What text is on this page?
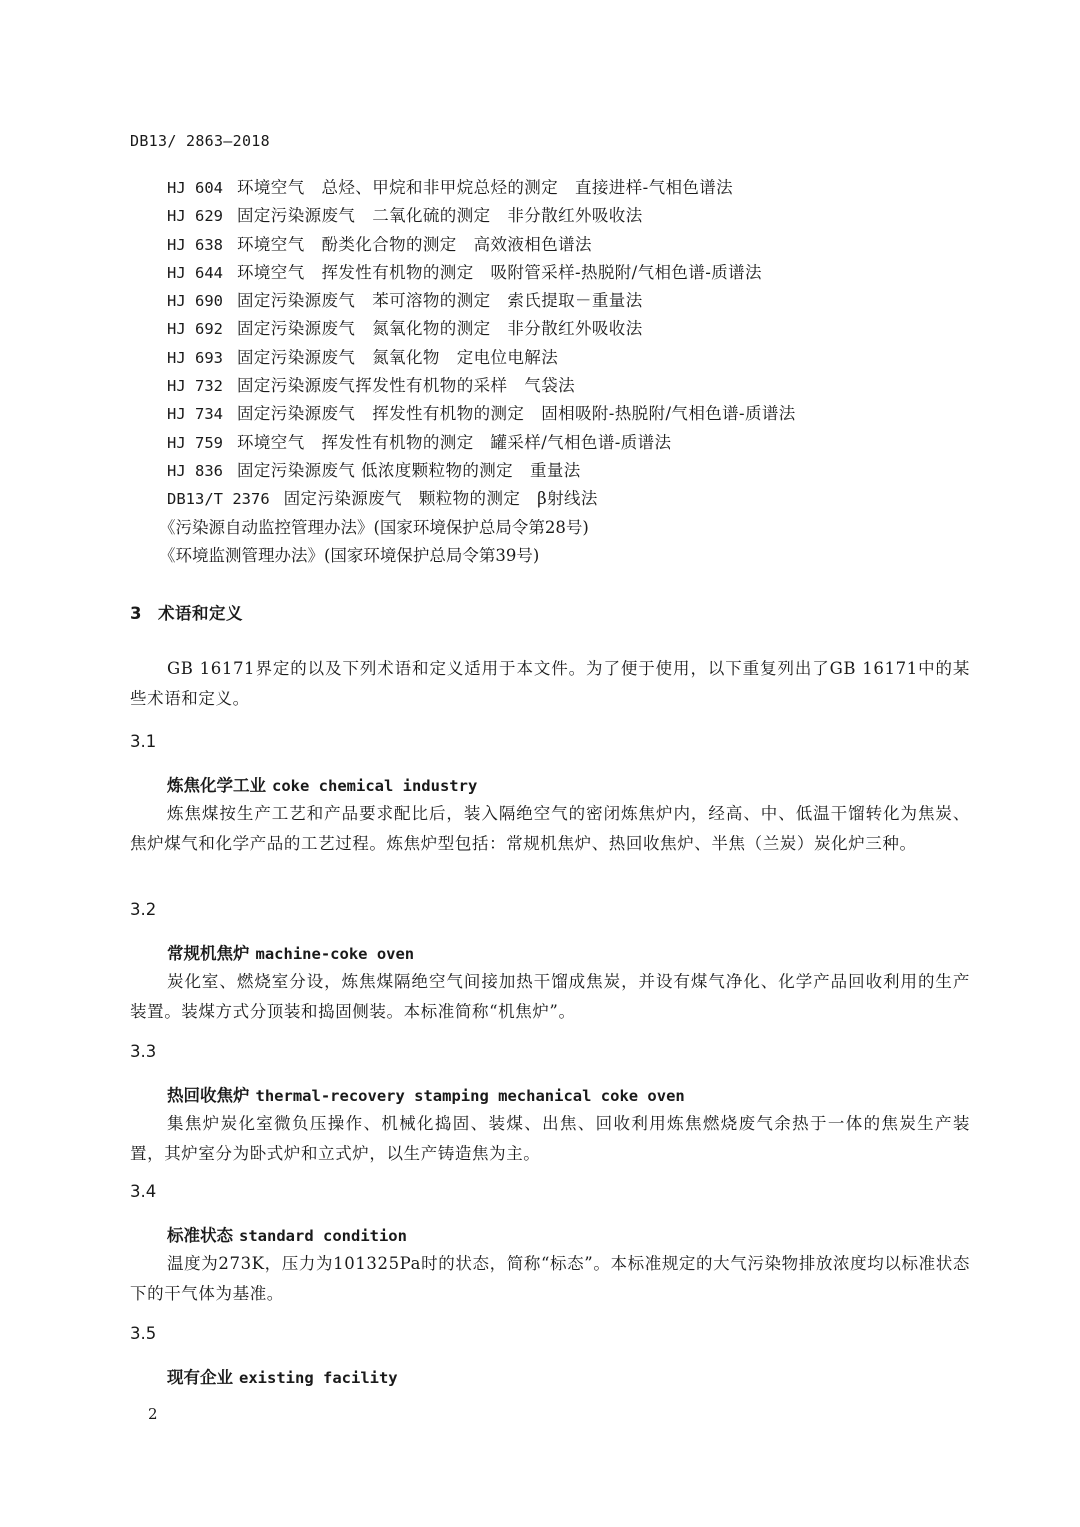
DB13/ 2863—2018
HJ 604 环境空气　总烃、甲烷和非甲烷总烃的测定　直接进样-气相色谱法
HJ 629 固定污染源废气　二氧化硫的测定　非分散红外吸收法
HJ 638 环境空气　酚类化合物的测定　高效液相色谱法
HJ 644 环境空气　挥发性有机物的测定　吸附管采样-热脱附/气相色谱-质谱法
HJ 690 固定污染源废气　苯可溶物的测定　索氏提取－重量法
HJ 692 固定污染源废气　氮氧化物的测定　非分散红外吸收法
HJ 693 固定污染源废气　氮氧化物　定电位电解法
HJ 732 固定污染源废气挥发性有机物的采样　气袋法
HJ 734 固定污染源废气　挥发性有机物的测定　固相吸附-热脱附/气相色谱-质谱法
HJ 759 环境空气　挥发性有机物的测定　罐采样/气相色谱-质谱法
HJ 836 固定污染源废气 低浓度颗粒物的测定　重量法
DB13/T 2376 固定污染源废气　颗粒物的测定　β射线法
《污染源自动监控管理办法》(国家环境保护总局令第28号)
《环境监测管理办法》(国家环境保护总局令第39号)
3 术语和定义

GB 16171界定的以及下列术语和定义适用于本文件。为了便于使用，以下重复列出了GB 16171中的某些术语和定义。

3.1
炼焦化学工业 coke chemical industry
炼焦煤按生产工艺和产品要求配比后，装入隔绝空气的密闭炼焦炉内，经高、中、低温干馏转化为焦炭、焦炉煤气和化学产品的工艺过程。炼焦炉型包括：常规机焦炉、热回收焦炉、半焦（兰炭）炭化炉三种。
3.2
常规机焦炉 machine-coke oven
炭化室、燃烧室分设，炼焦煤隔绝空气间接加热干馏成焦炭，并设有煤气净化、化学产品回收利用的生产装置。装煤方式分顶装和捣固侧装。本标准简称“机焦炉”。
3.3
热回收焦炉 thermal-recovery stamping mechanical coke oven
集焦炉炭化室微负压操作、机械化捣固、装煤、出焦、回收利用炼焦燃烧废气余热于一体的焦炭生产装置，其炉室分为卧式炉和立式炉，以生产铸造焦为主。
3.4
标准状态 standard condition
温度为273K，压力为101325Pa时的状态，简称“标态”。本标准规定的大气污染物排放浓度均以标准状态下的干气体为基准。
3.5
现有企业 existing facility
2
